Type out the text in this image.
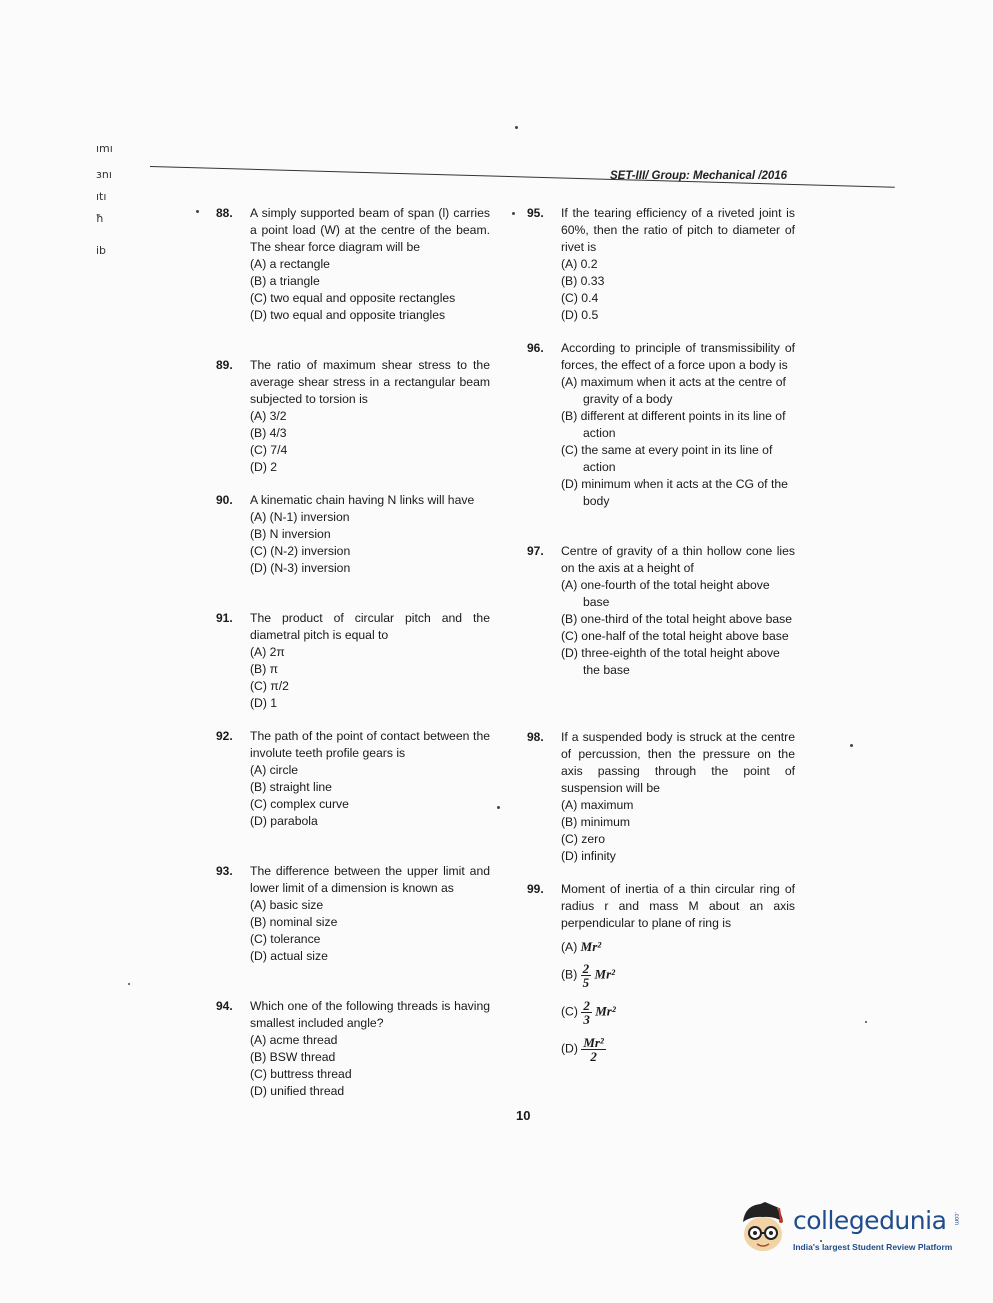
ımı
ɜnı
ıtı
ħ
ib
SET-III/ Group: Mechanical /2016
88. A simply supported beam of span (l) carries a point load (W) at the centre of the beam. The shear force diagram will be
(A) a rectangle
(B) a triangle
(C) two equal and opposite rectangles
(D) two equal and opposite triangles
89. The ratio of maximum shear stress to the average shear stress in a rectangular beam subjected to torsion is
(A) 3/2
(B) 4/3
(C) 7/4
(D) 2
90. A kinematic chain having N links will have
(A) (N-1) inversion
(B) N inversion
(C) (N-2) inversion
(D) (N-3) inversion
91. The product of circular pitch and the diametral pitch is equal to
(A) 2π
(B) π
(C) π/2
(D) 1
92. The path of the point of contact between the involute teeth profile gears is
(A) circle
(B) straight line
(C) complex curve
(D) parabola
93. The difference between the upper limit and lower limit of a dimension is known as
(A) basic size
(B) nominal size
(C) tolerance
(D) actual size
94. Which one of the following threads is having smallest included angle?
(A) acme thread
(B) BSW thread
(C) buttress thread
(D) unified thread
95. If the tearing efficiency of a riveted joint is 60%, then the ratio of pitch to diameter of rivet is
(A) 0.2
(B) 0.33
(C) 0.4
(D) 0.5
96. According to principle of transmissibility of forces, the effect of a force upon a body is
(A) maximum when it acts at the centre of gravity of a body
(B) different at different points in its line of action
(C) the same at every point in its line of action
(D) minimum when it acts at the CG of the body
97. Centre of gravity of a thin hollow cone lies on the axis at a height of
(A) one-fourth of the total height above base
(B) one-third of the total height above base
(C) one-half of the total height above base
(D) three-eighth of the total height above the base
98. If a suspended body is struck at the centre of percussion, then the pressure on the axis passing through the point of suspension will be
(A) maximum
(B) minimum
(C) zero
(D) infinity
99. Moment of inertia of a thin circular ring of radius r and mass M about an axis perpendicular to plane of ring is
(A) Mr²
$(B) \frac{2}{5} Mr^2$
$(C) \frac{2}{3} Mr^2$
$(D) \frac{\text{Mr²}}{2}$
10
collegedunia .com
India's largest Student Review Platform
